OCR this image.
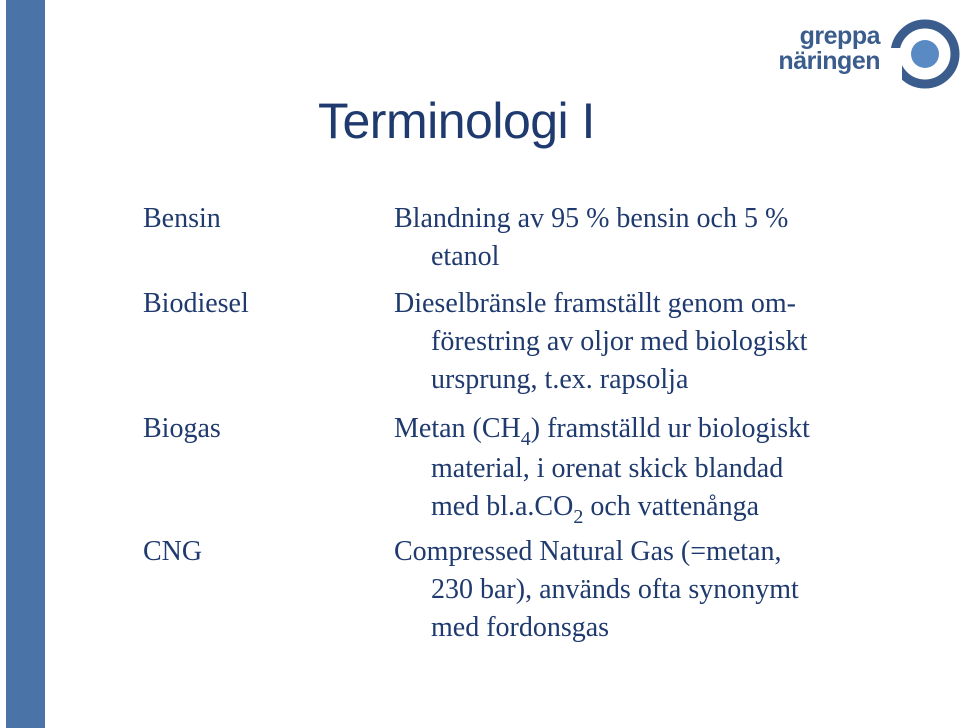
greppa
näringen
Terminologi I
Bensin	Blandning av 95 % bensin och 5 %
etanol
Biodiesel	Dieselbränsle framställt genom om-
förestring av oljor med biologiskt
ursprung, t.ex. rapsolja
Biogas	Metan $(CH_4)$ framställd ur biologiskt
material, i orenat skick blandad
med $bl.a.CO_2$ och vattenånga
CNG	Compressed Natural Gas (=metan,
230 bar), används ofta synonymt
med fordonsgas
